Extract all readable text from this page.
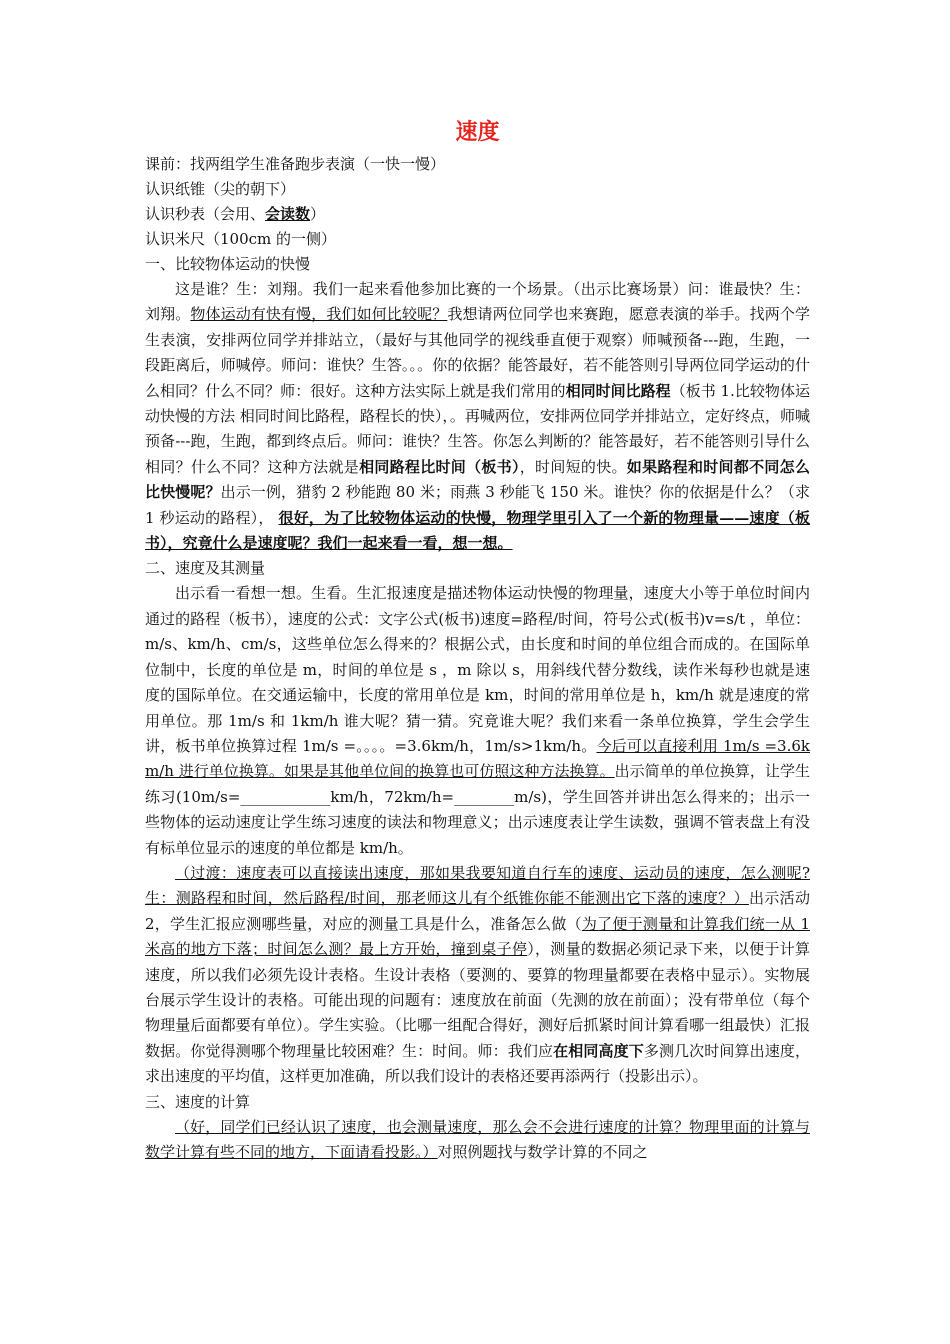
速度
课前：找两组学生准备跑步表演（一快一慢）
认识纸锥（尖的朝下）
认识秒表（会用、会读数）
认识米尺（100cm 的一侧）
一、比较物体运动的快慢

这是谁？生：刘翔。我们一起来看他参加比赛的一个场景。（出示比赛场景）问：谁最快？生：刘翔。物体运动有快有慢，我们如何比较呢？我想请两位同学也来赛跑，愿意表演的举手。找两个学生表演，安排两位同学并排站立，（最好与其他同学的视线垂直便于观察）师喊预备---跑，生跑，一段距离后，师喊停。师问：谁快？生答。。。你的依据？能答最好，若不能答则引导两位同学运动的什么相同？什么不同？师：很好。这种方法实际上就是我们常用的相同时间比路程（板书 1.比较物体运动快慢的方法 相同时间比路程，路程长的快），。再喊两位，安排两位同学并排站立，定好终点，师喊预备---跑，生跑，都到终点后。师问：谁快？生答。你怎么判断的？能答最好，若不能答则引导什么相同？什么不同？这种方法就是相同路程比时间（板书），时间短的快。如果路程和时间都不同怎么比快慢呢？出示一例，猎豹 2 秒能跑 80 米；雨燕 3 秒能飞 150 米。谁快？你的依据是什么？（求 1 秒运动的路程）， 很好，为了比较物体运动的快慢，物理学里引入了一个新的物理量——速度（板书），究竟什么是速度呢？我们一起来看一看，想一想。

二、速度及其测量

出示看一看想一想。生看。生汇报速度是描述物体运动快慢的物理量，速度大小等于单位时间内通过的路程（板书），速度的公式：文字公式(板书)速度=路程/时间，符号公式(板书)v=s/t ，单位：m/s、km/h、cm/s，这些单位怎么得来的？根据公式，由长度和时间的单位组合而成的。在国际单位制中，长度的单位是 m，时间的单位是 s ，m 除以 s，用斜线代替分数线，读作米每秒也就是速度的国际单位。在交通运输中，长度的常用单位是 km，时间的常用单位是 h，km/h 就是速度的常用单位。那 1m/s 和 1km/h 谁大呢？猜一猜。究竟谁大呢？我们来看一条单位换算，学生会学生讲，板书单位换算过程 1m/s =。。。。=3.6km/h，1m/s>1km/h。今后可以直接利用 1m/s =3.6km/h 进行单位换算。如果是其他单位间的换算也可仿照这种方法换算。出示简单的单位换算，让学生练习(10m/s=____________km/h，72km/h=________m/s)，学生回答并讲出怎么得来的；出示一些物体的运动速度让学生练习速度的读法和物理意义；出示速度表让学生读数，强调不管表盘上有没有标单位显示的速度的单位都是 km/h。

（过渡：速度表可以直接读出速度，那如果我要知道自行车的速度、运动员的速度，怎么测呢?生：测路程和时间，然后路程/时间，那老师这儿有个纸锥你能不能测出它下落的速度？）出示活动 2，学生汇报应测哪些量，对应的测量工具是什么，准备怎么做（为了便于测量和计算我们统一从 1 米高的地方下落；时间怎么测？最上方开始，撞到桌子停），测量的数据必须记录下来，以便于计算速度，所以我们必须先设计表格。生设计表格（要测的、要算的物理量都要在表格中显示）。实物展台展示学生设计的表格。可能出现的问题有：速度放在前面（先测的放在前面）；没有带单位（每个物理量后面都要有单位）。学生实验。（比哪一组配合得好，测好后抓紧时间计算看哪一组最快）汇报数据。你觉得测哪个物理量比较困难？生：时间。师：我们应在相同高度下多测几次时间算出速度，求出速度的平均值，这样更加准确，所以我们设计的表格还要再添两行（投影出示）。

三、速度的计算

（好，同学们已经认识了速度，也会测量速度，那么会不会进行速度的计算？物理里面的计算与数学计算有些不同的地方，下面请看投影。）对照例题找与数学计算的不同之
